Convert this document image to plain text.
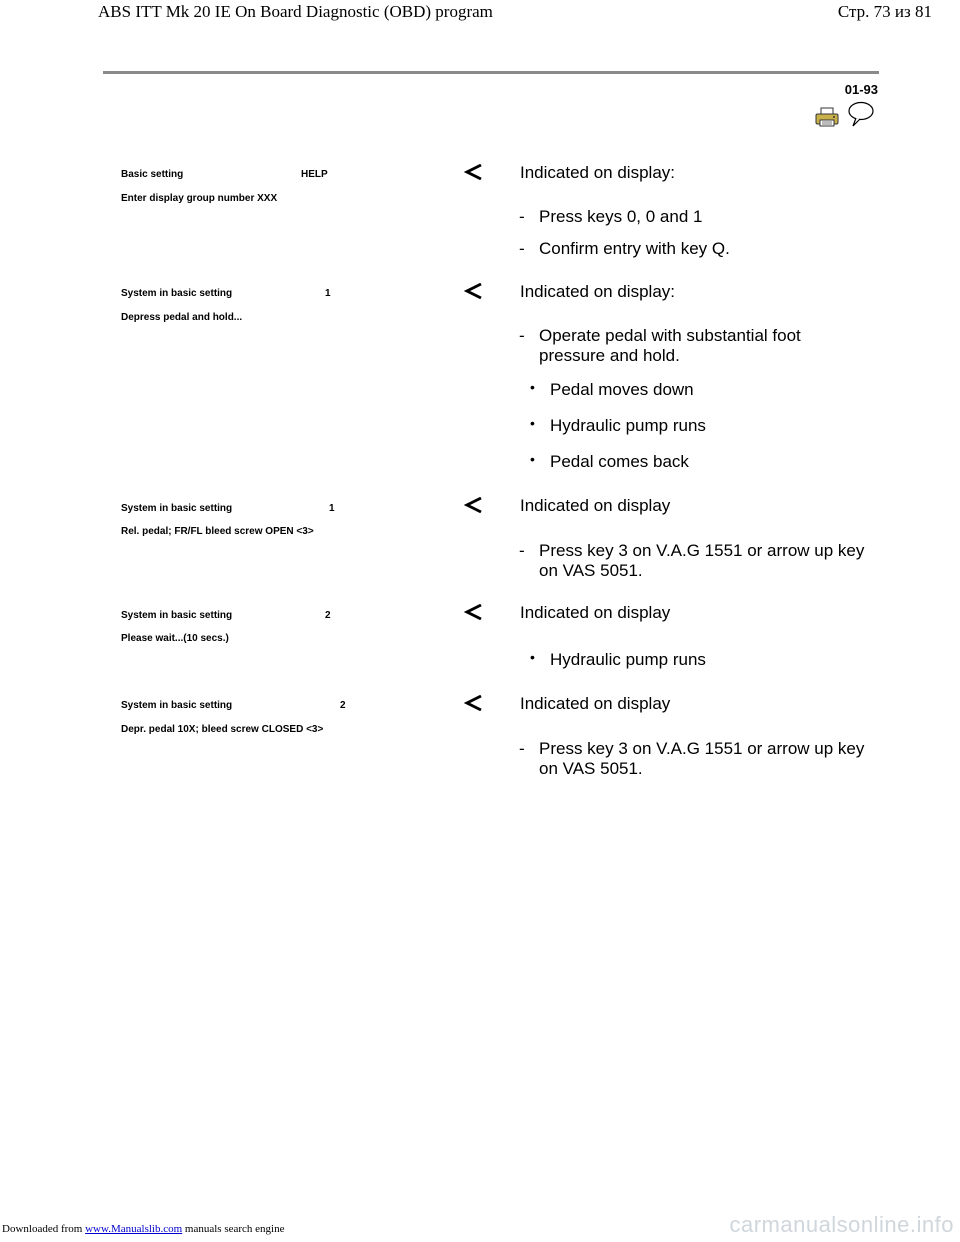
ABS ITT Mk 20 IE On Board Diagnostic (OBD) program	Стр. 73 из 81
01-93
Basic setting	HELP
Enter display group number XXX
Indicated on display:
- Press keys 0, 0 and 1
- Confirm entry with key Q.
System in basic setting	1
Depress pedal and hold...
Indicated on display:
- Operate pedal with substantial foot pressure and hold.
• Pedal moves down
• Hydraulic pump runs
• Pedal comes back
System in basic setting	1
Rel. pedal; FR/FL bleed screw OPEN <3>
Indicated on display
- Press key 3 on V.A.G 1551 or arrow up key on VAS 5051.
System in basic setting	2
Please wait...(10 secs.)
Indicated on display
• Hydraulic pump runs
System in basic setting	2
Depr. pedal 10X; bleed screw CLOSED <3>
Indicated on display
- Press key 3 on V.A.G 1551 or arrow up key on VAS 5051.
Downloaded from www.Manualslib.com manuals search engine	carmanualsonline.info
